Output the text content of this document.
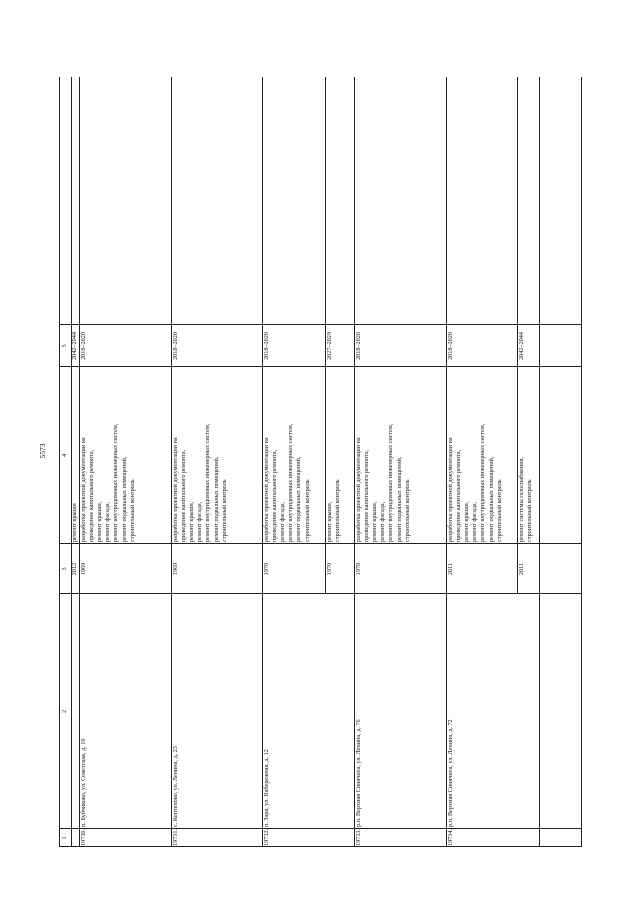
5573
1
2
3
4
5
2012
ремонт крыши
2042–2044
19730.
п. Бубчиково, ул. Советская, д. 10
1969
разработка проектной документации на проведение капитального ремонта, ремонт крыши, ремонт фасада, ремонт внутридомовых инженерных систем, ремонт подвальных помещений, строительный контроль
2018–2020
19731.
с. Коптелово, ул. Ленина, д. 23
1969
разработка проектной документации на проведение капитального ремонта, ремонт крыши, ремонт фасада, ремонт внутридомовых инженерных систем, ремонт подвальных помещений, строительный контроль
2018–2020
19732.
п. Заря, ул. Набережная, д. 12
1970
разработка проектной документации на проведение капитального ремонта, ремонт фасада, ремонт внутридомовых инженерных систем, ремонт подвальных помещений, строительный контроль
2018–2020
19733.
р.п. Верхняя Синячиха, ул. Ленина, д. 76
1970
разработка проектной документации на проведение капитального ремонта, ремонт крыши, ремонт фасада, ремонт внутридомовых инженерных систем, ремонт подвальных помещений, строительный контроль
2018–2020
19734.
р.п. Верхняя Синячиха, ул. Ленина, д. 72
2011
разработка проектной документации на проведение капитального ремонта, ремонт крыши, ремонт фасада, ремонт внутридомовых инженерных систем, ремонт подвальных помещений, строительный контроль
2018–2020
1970
ремонт крыши, строительный контроль
2027–2029
2011
ремонт системы газоснабжения, строительный контроль
2042–2044
